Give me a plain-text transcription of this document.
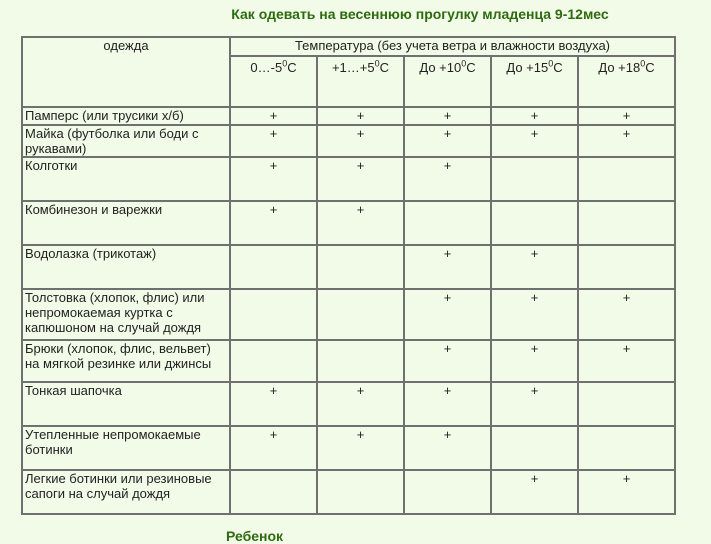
Как одевать на весеннюю прогулку младенца 9-12мес
одежда	Температура (без учета ветра и влажности воздуха)				
	$0\dots-5^0C$	$+1\dots+5^0C$	До $+10^0C$	До $+15^0C$	До $+18^0C$
Памперс (или трусики х/б)	+	+	+	+	+
Майка (футболка или боди с рукавами)	+	+	+	+	+
Колготки	+	+	+		
Комбинезон и варежки	+	+			
Водолазка (трикотаж)			+	+	
Толстовка (хлопок, флис) или непромокаемая куртка с капюшоном на случай дождя			+	+	+
Брюки (хлопок, флис, вельвет) на мягкой резинке или джинсы			+	+	+
Тонкая шапочка	+	+	+	+	
Утепленные непромокаемые ботинки	+	+	+		
Легкие ботинки или резиновые сапоги на случай дождя				+	+
Ребенок
